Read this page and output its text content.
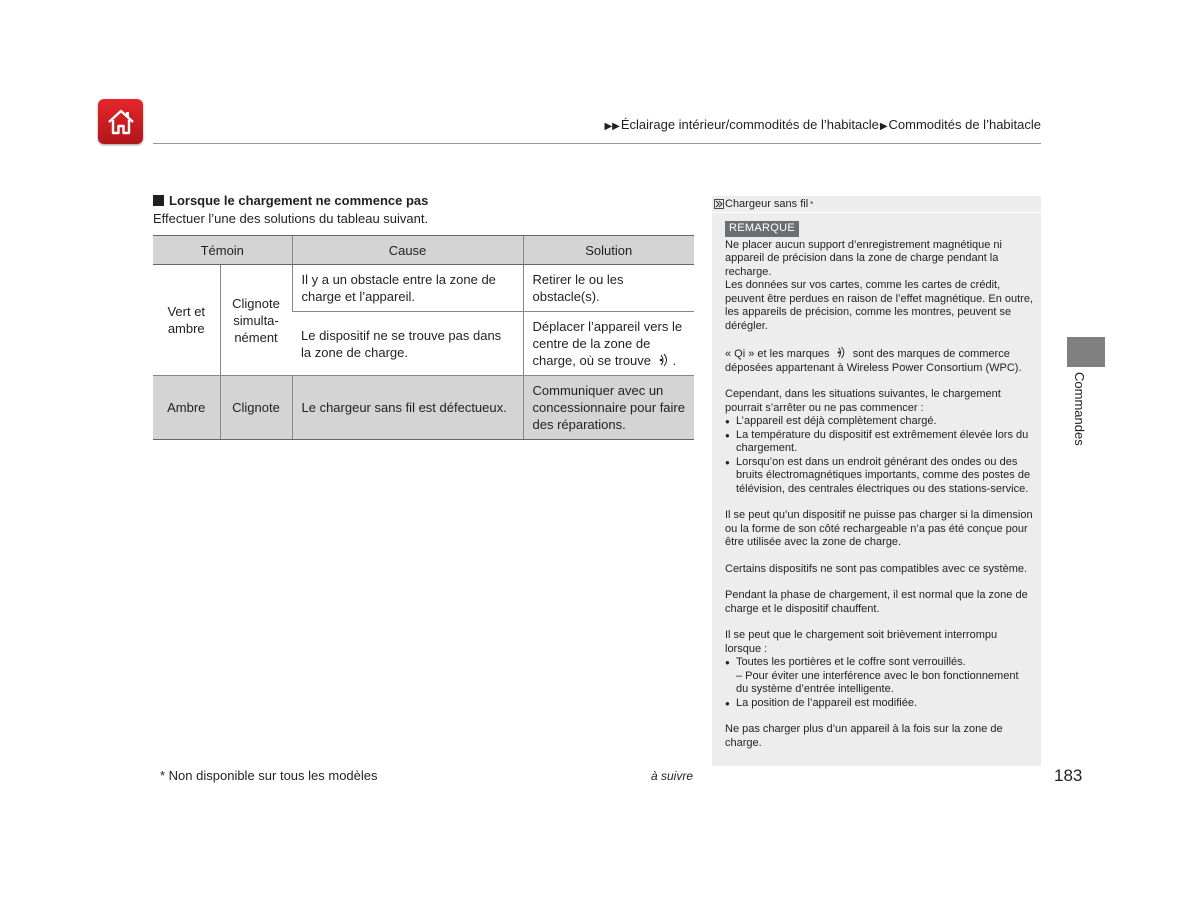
▶▶Éclairage intérieur/commodités de l’habitacle▶Commodités de l’habitacle
Lorsque le chargement ne commence pas
Effectuer l’une des solutions du tableau suivant.
Témoin		Cause	Solution
Vert et ambre	Clignote simulta-nément	Il y a un obstacle entre la zone de charge et l’appareil.	Retirer le ou les obstacle(s).
		Le dispositif ne se trouve pas dans la zone de charge.	Déplacer l’appareil vers le centre de la zone de charge, où se trouve .
Ambre	Clignote	Le chargeur sans fil est défectueux.	Communiquer avec un concessionnaire pour faire des réparations.
Chargeur sans fil *
REMARQUE

Ne placer aucun support d’enregistrement magnétique ni appareil de précision dans la zone de charge pendant la recharge.

Les données sur vos cartes, comme les cartes de crédit, peuvent être perdues en raison de l’effet magnétique. En outre, les appareils de précision, comme les montres, peuvent se dérégler.

« Qi » et les marques sont des marques de commerce déposées appartenant à Wireless Power Consortium (WPC).

Cependant, dans les situations suivantes, le chargement pourrait s’arrêter ou ne pas commencer :

● L’appareil est déjà complètement chargé.

● La température du dispositif est extrêmement élevée lors du chargement.

● Lorsqu’on est dans un endroit générant des ondes ou des bruits électromagnétiques importants, comme des postes de télévision, des centrales électriques ou des stations-service.

Il se peut qu’un dispositif ne puisse pas charger si la dimension ou la forme de son côté rechargeable n’a pas été conçue pour être utilisée avec la zone de charge.

Certains dispositifs ne sont pas compatibles avec ce système.

Pendant la phase de chargement, il est normal que la zone de charge et le dispositif chauffent.

Il se peut que le chargement soit brièvement interrompu lorsque :

● Toutes les portières et le coffre sont verrouillés.

– Pour éviter une interférence avec le bon fonctionnement du système d’entrée intelligente.

● La position de l’appareil est modifiée.

Ne pas charger plus d’un appareil à la fois sur la zone de charge.

Commandes
* Non disponible sur tous les modèles	à suivre	183
